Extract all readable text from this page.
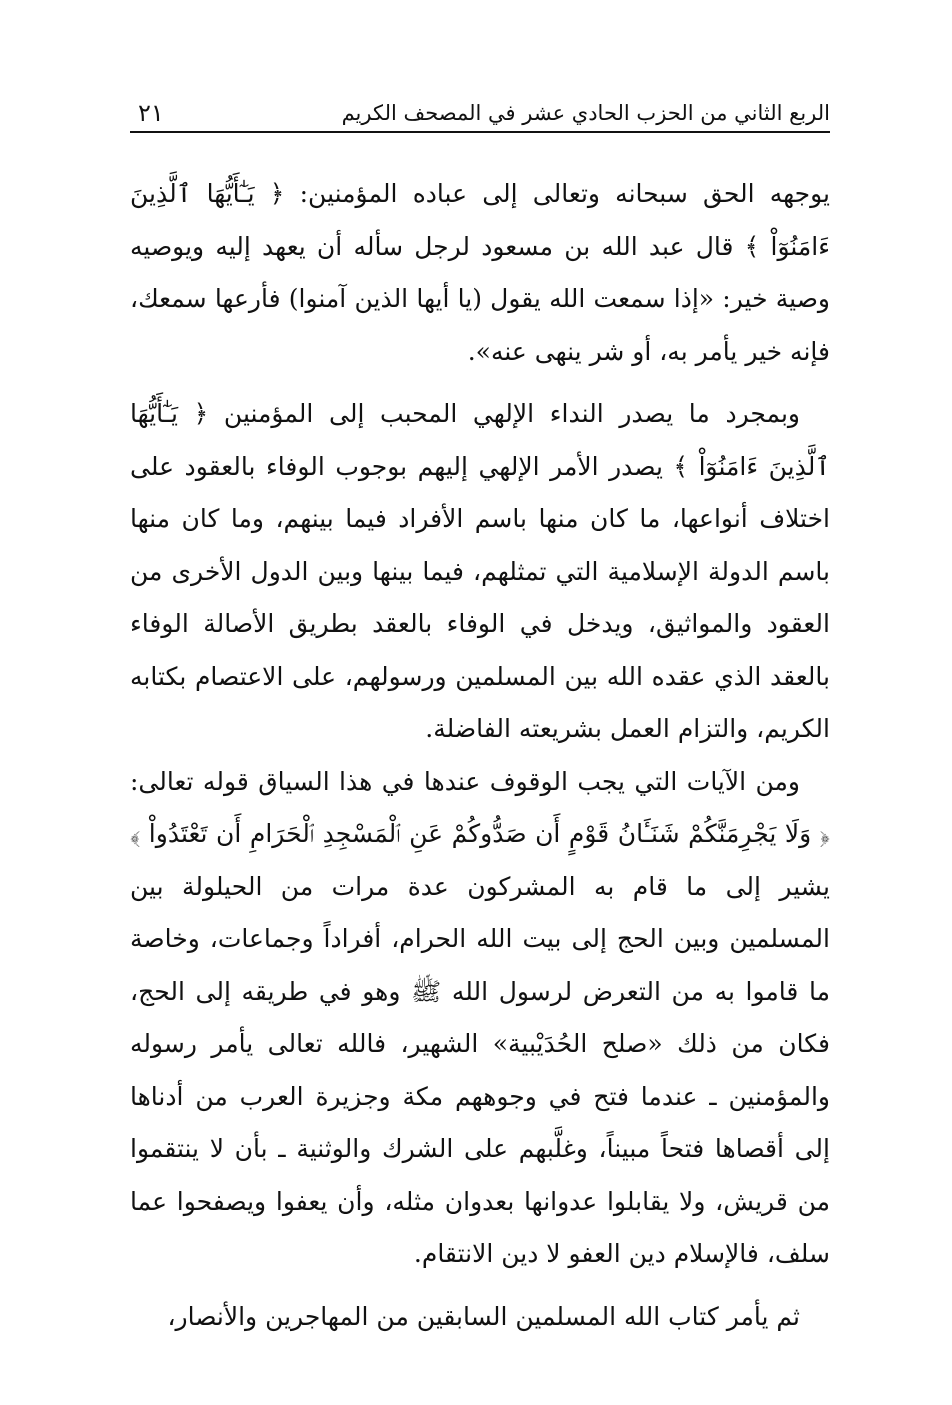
الربع الثاني من الحزب الحادي عشر في المصحف الكريم
٢١

يوجهه الحق سبحانه وتعالى إلى عباده المؤمنين: ﴿ يَـٰٓأَيُّهَا ٱلَّذِينَ ءَامَنُوٓاْ ﴾ قال عبد الله بن مسعود لرجل سأله أن يعهد إليه ويوصيه وصية خير: «إذا سمعت الله يقول (يا أيها الذين آمنوا) فأرعها سمعك، فإنه خير يأمر به، أو شر ينهى عنه».

وبمجرد ما يصدر النداء الإلهي المحبب إلى المؤمنين ﴿ يَـٰٓأَيُّهَا ٱلَّذِينَ ءَامَنُوٓاْ ﴾ يصدر الأمر الإلهي إليهم بوجوب الوفاء بالعقود على اختلاف أنواعها، ما كان منها باسم الأفراد فيما بينهم، وما كان منها باسم الدولة الإسلامية التي تمثلهم، فيما بينها وبين الدول الأخرى من العقود والمواثيق، ويدخل في الوفاء بالعقد بطريق الأصالة الوفاء بالعقد الذي عقده الله بين المسلمين ورسولهم، على الاعتصام بكتابه الكريم، والتزام العمل بشريعته الفاضلة.

ومن الآيات التي يجب الوقوف عندها في هذا السياق قوله تعالى: ﴿ وَلَا يَجْرِمَنَّكُمْ شَنَـَٔانُ قَوْمٍ أَن صَدُّوكُمْ عَنِ ٱلْمَسْجِدِ ٱلْحَرَامِ أَن تَعْتَدُواْ ﴾ يشير إلى ما قام به المشركون عدة مرات من الحيلولة بين المسلمين وبين الحج إلى بيت الله الحرام، أفراداً وجماعات، وخاصة ما قاموا به من التعرض لرسول الله ﷺ وهو في طريقه إلى الحج، فكان من ذلك «صلح الحُدَيْبية» الشهير، فالله تعالى يأمر رسوله والمؤمنين ـ عندما فتح في وجوههم مكة وجزيرة العرب من أدناها إلى أقصاها فتحاً مبيناً، وغلَّبهم على الشرك والوثنية ـ بأن لا ينتقموا من قريش، ولا يقابلوا عدوانها بعدوان مثله، وأن يعفوا ويصفحوا عما سلف، فالإسلام دين العفو لا دين الانتقام.

ثم يأمر كتاب الله المسلمين السابقين من المهاجرين والأنصار،
